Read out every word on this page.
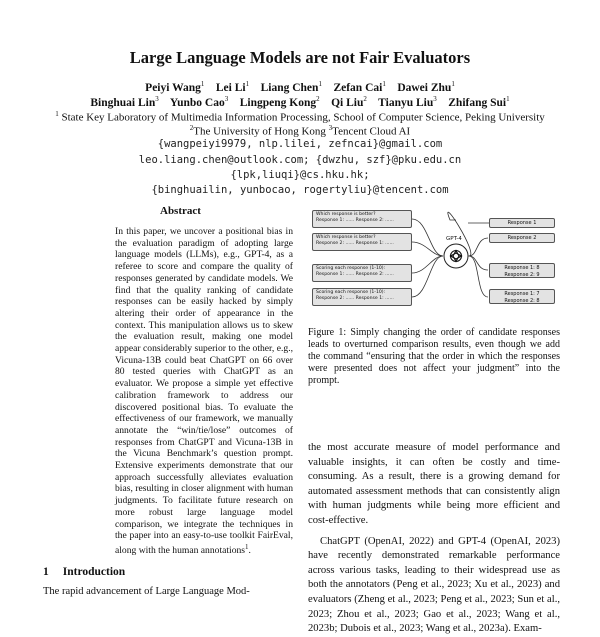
Large Language Models are not Fair Evaluators
Peiyi Wang$^1$ Lei Li$^1$ Liang Chen$^1$ Zefan Cai$^1$ Dawei Zhu$^1$
Binghuai Lin$^3$ Yunbo Cao$^3$ Lingpeng Kong$^2$ Qi Liu$^2$ Tianyu Liu$^3$ Zhifang Sui$^1$
$^1$ State Key Laboratory of Multimedia Information Processing, School of Computer Science, Peking University
$^2$The University of Hong Kong $^3$Tencent Cloud AI
{wangpeiyi9979, nlp.lilei, zefncai}@gmail.com
leo.liang.chen@outlook.com; {dwzhu, szf}@pku.edu.cn
{lpk,liuqi}@cs.hku.hk;
{binghuailin, yunbocao, rogertyliu}@tencent.com
Abstract
In this paper, we uncover a positional bias in the evaluation paradigm of adopting large language models (LLMs), e.g., GPT-4, as a referee to score and compare the quality of responses generated by candidate models. We find that the quality ranking of candidate responses can be easily hacked by simply altering their order of appearance in the context. This manipulation allows us to skew the evaluation result, making one model appear considerably superior to the other, e.g., Vicuna-13B could beat ChatGPT on 66 over 80 tested queries with ChatGPT as an evaluator. We propose a simple yet effective calibration framework to address our discovered positional bias. To evaluate the effectiveness of our framework, we manually annotate the “win/tie/lose” outcomes of responses from ChatGPT and Vicuna-13B in the Vicuna Benchmark’s question prompt. Extensive experiments demonstrate that our approach successfully alleviates evaluation bias, resulting in closer alignment with human judgments. To facilitate future research on more robust large language model comparison, we integrate the techniques in the paper into an easy-to-use toolkit FairEval, along with the human annotations$^1$.
1 Introduction
The rapid advancement of Large Language Mod-
Which response is better?
Response 1: ...... Response 2: ......
Which response is better?
Response 2: ...... Response 1: ......
Scoring each response (1-10):
Response 1: ...... Response 2: ......
Scoring each response (1-10):
Response 2: ...... Response 1: ......
GPT-4
Response 1
Response 2
Response 1: 8
Response 2: 9
Response 1: 7
Response 2: 8
Figure 1: Simply changing the order of candidate responses leads to overturned comparison results, even though we add the command “ensuring that the order in which the responses were presented does not affect your judgment” into the prompt.

the most accurate measure of model performance and valuable insights, it can often be costly and time-consuming. As a result, there is a growing demand for automated assessment methods that can consistently align with human judgments while being more efficient and cost-effective.

ChatGPT (OpenAI, 2022) and GPT-4 (OpenAI, 2023) have recently demonstrated remarkable performance across various tasks, leading to their widespread use as both the annotators (Peng et al., 2023; Xu et al., 2023) and evaluators (Zheng et al., 2023; Peng et al., 2023; Sun et al., 2023; Zhou et al., 2023; Gao et al., 2023; Wang et al., 2023b; Dubois et al., 2023; Wang et al., 2023a). Exam-
